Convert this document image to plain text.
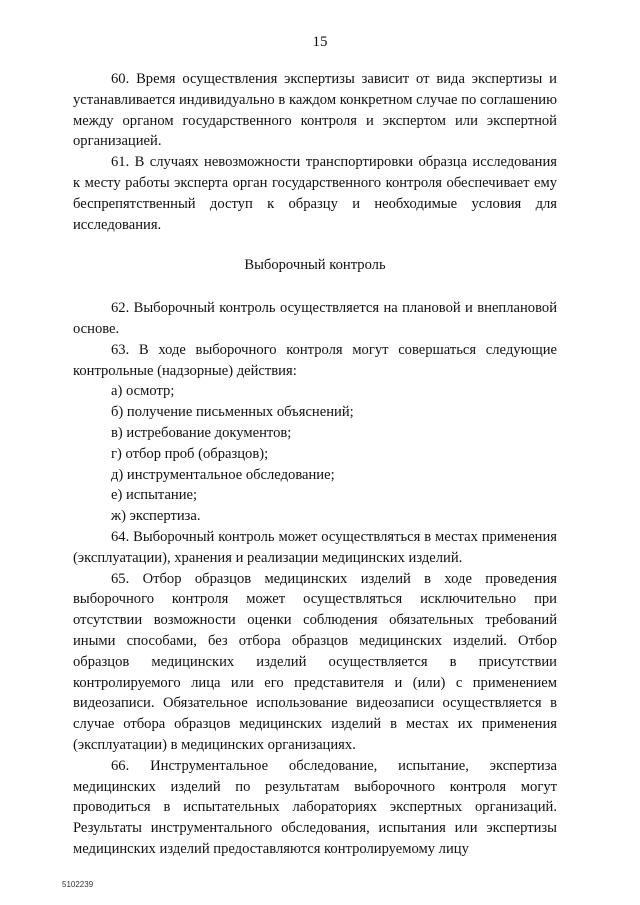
15

60. Время осуществления экспертизы зависит от вида экспертизы и устанавливается индивидуально в каждом конкретном случае по соглашению между органом государственного контроля и экспертом или экспертной организацией.

61. В случаях невозможности транспортировки образца исследования к месту работы эксперта орган государственного контроля обеспечивает ему беспрепятственный доступ к образцу и необходимые условия для исследования.

Выборочный контроль

62. Выборочный контроль осуществляется на плановой и внеплановой основе.

63. В ходе выборочного контроля могут совершаться следующие контрольные (надзорные) действия:

а) осмотр;

б) получение письменных объяснений;

в) истребование документов;

г) отбор проб (образцов);

д) инструментальное обследование;

е) испытание;

ж) экспертиза.

64. Выборочный контроль может осуществляться в местах применения (эксплуатации), хранения и реализации медицинских изделий.

65. Отбор образцов медицинских изделий в ходе проведения выборочного контроля может осуществляться исключительно при отсутствии возможности оценки соблюдения обязательных требований иными способами, без отбора образцов медицинских изделий. Отбор образцов медицинских изделий осуществляется в присутствии контролируемого лица или его представителя и (или) с применением видеозаписи. Обязательное использование видеозаписи осуществляется в случае отбора образцов медицинских изделий в местах их применения (эксплуатации) в медицинских организациях.

66. Инструментальное обследование, испытание, экспертиза медицинских изделий по результатам выборочного контроля могут проводиться в испытательных лабораториях экспертных организаций. Результаты инструментального обследования, испытания или экспертизы медицинских изделий предоставляются контролируемому лицу

5102239
